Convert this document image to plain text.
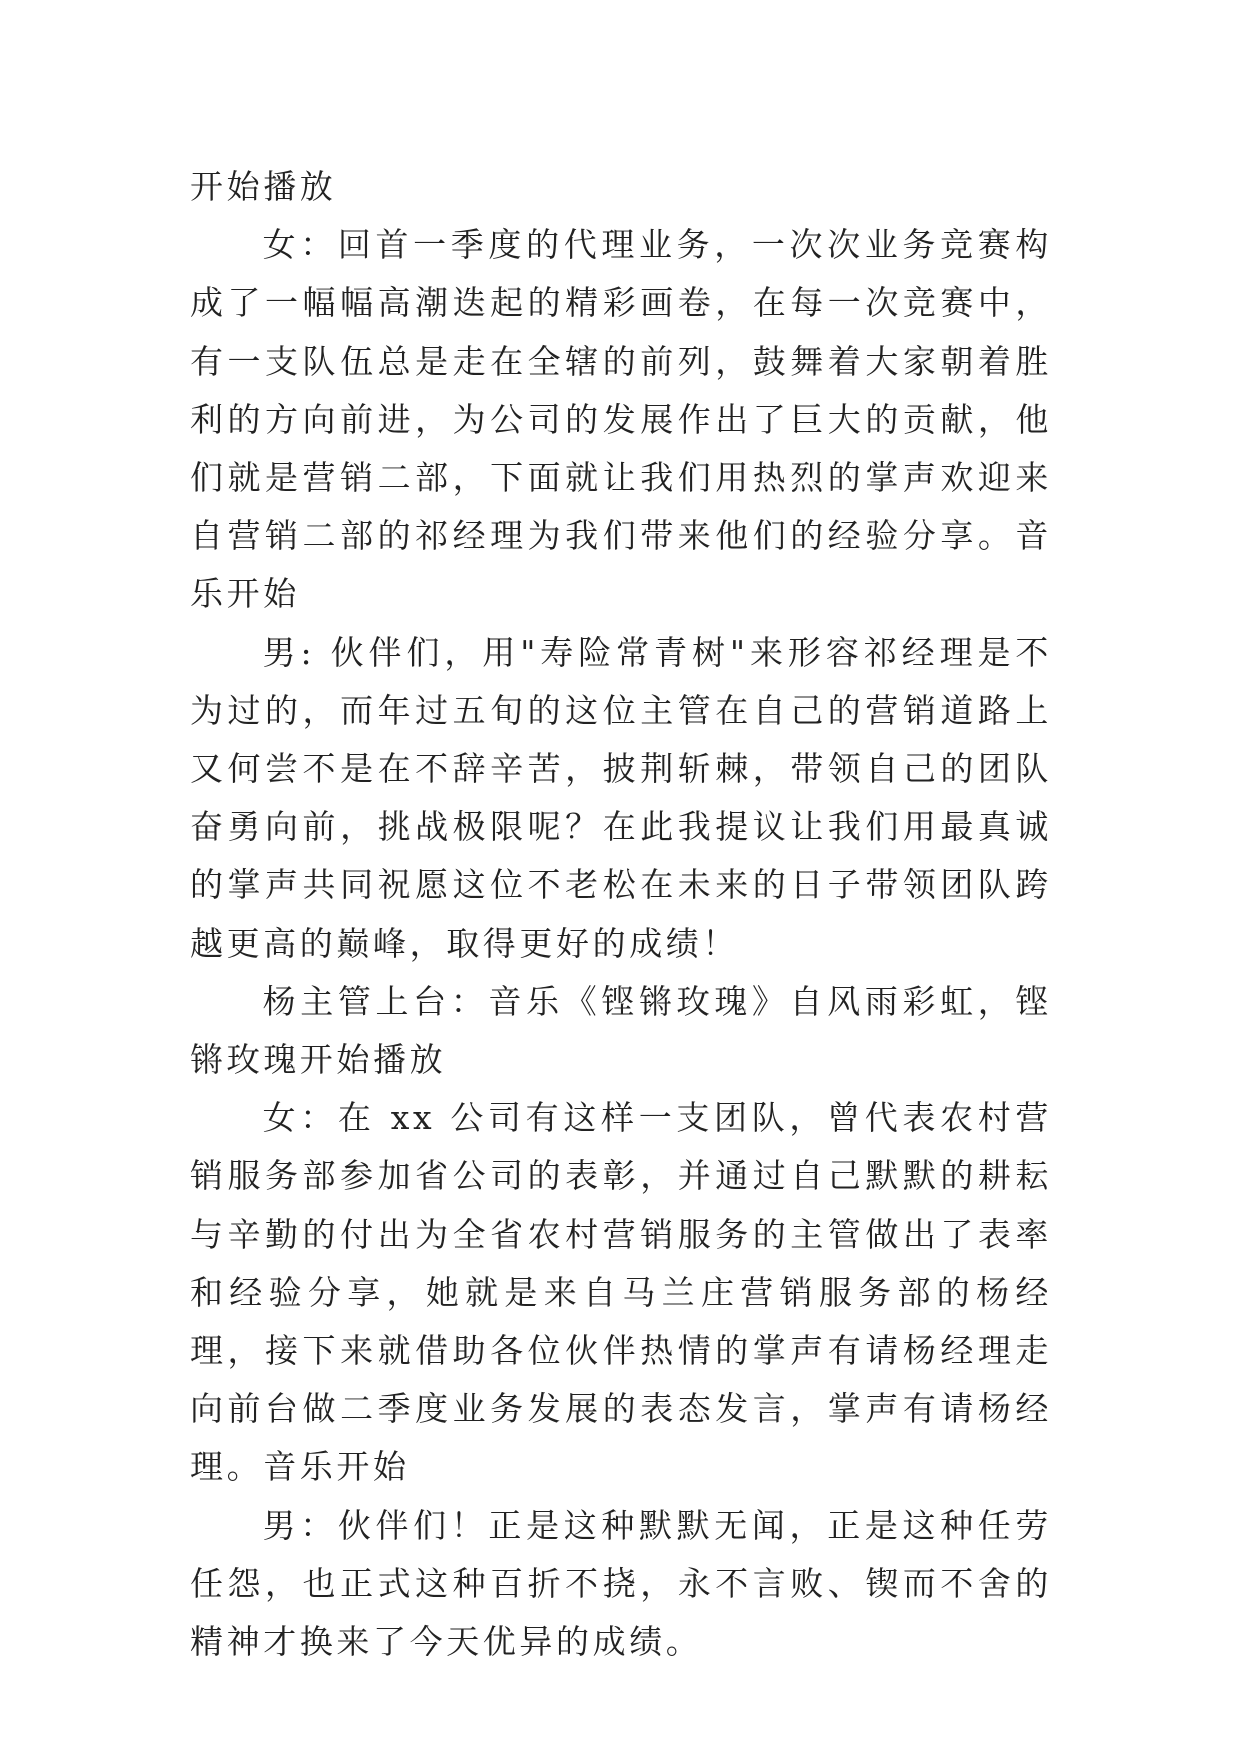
开始播放

女：回首一季度的代理业务，一次次业务竞赛构成了一幅幅高潮迭起的精彩画卷，在每一次竞赛中，有一支队伍总是走在全辖的前列，鼓舞着大家朝着胜利的方向前进，为公司的发展作出了巨大的贡献，他们就是营销二部，下面就让我们用热烈的掌声欢迎来自营销二部的祁经理为我们带来他们的经验分享。音乐开始

男: 伙伴们，用"寿险常青树"来形容祁经理是不为过的，而年过五旬的这位主管在自己的营销道路上又何尝不是在不辞辛苦，披荆斩棘，带领自己的团队奋勇向前，挑战极限呢？在此我提议让我们用最真诚的掌声共同祝愿这位不老松在未来的日子带领团队跨越更高的巅峰，取得更好的成绩！

杨主管上台：音乐《铿锵玫瑰》自风雨彩虹，铿锵玫瑰开始播放

女：在 xx 公司有这样一支团队，曾代表农村营销服务部参加省公司的表彰，并通过自己默默的耕耘与辛勤的付出为全省农村营销服务的主管做出了表率和经验分享，她就是来自马兰庄营销服务部的杨经理，接下来就借助各位伙伴热情的掌声有请杨经理走向前台做二季度业务发展的表态发言，掌声有请杨经理。音乐开始

男：伙伴们！正是这种默默无闻，正是这种任劳任怨，也正式这种百折不挠，永不言败、锲而不舍的精神才换来了今天优异的成绩。
